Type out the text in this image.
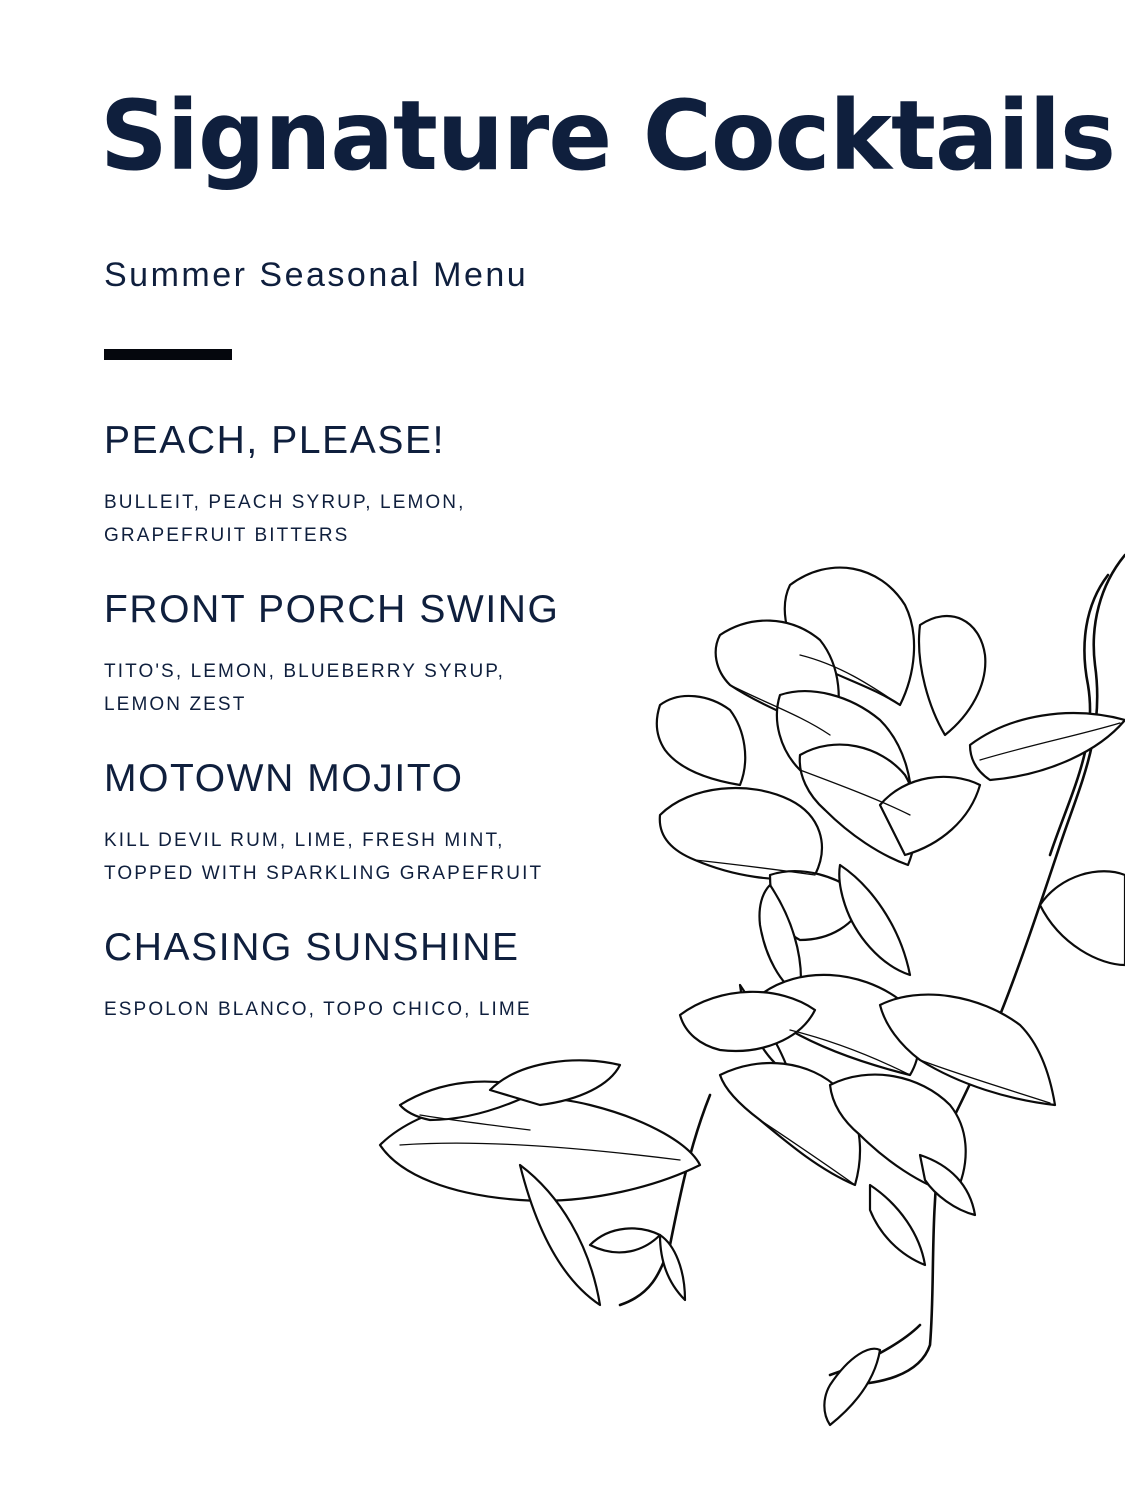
Signature Cocktails
Summer Seasonal Menu
PEACH, PLEASE!

BULLEIT, PEACH SYRUP, LEMON,
GRAPEFRUIT BITTERS

FRONT PORCH SWING

TITO'S, LEMON, BLUEBERRY SYRUP,
LEMON ZEST

MOTOWN MOJITO

KILL DEVIL RUM, LIME, FRESH MINT,
TOPPED WITH SPARKLING GRAPEFRUIT

CHASING SUNSHINE

ESPOLON BLANCO, TOPO CHICO, LIME
